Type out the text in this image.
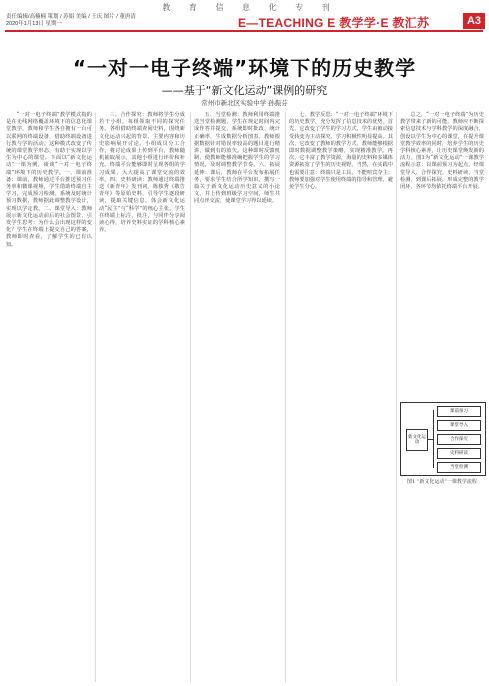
教 育 信 息 化 专 刊
责任编辑/高楠楠 策划 / 苏娟 美编 / 王庆 图片 / 董唐清
2020年1月13日 星期一	E—TEACHING E 教学学·E 教汇苏	A3
“一对一电子终端”环境下的历史教学
——基于“新文化运动”课例的研究
常州市新北区实验中学 孙振芬

“一对一电子终端”教学模式指的是在无线网络覆盖环境下的信息化课堂教学，教师和学生各自拥有一台可以联网的终端设备，借助终端设备进行教与学的活动。这种模式改变了传统的课堂教学形态，有助于实现以学生为中心的课堂。下面以“新文化运动”一课为例，谈谈“一对一电子终端”环境下的历史教学。一、课前准备：课前，教师通过平台推送预习任务单和微课视频，学生借助终端自主学习，完成预习检测。系统及时统计预习数据，教师据此调整教学设计，实现以学定教。二、课堂导入：教师展示新文化运动前后的社会图景，引发学生思考：为什么会出现这样的变化？学生在终端上提交自己的答案，教师即时查看，了解学生的已有认知。

三、合作探究：教师将学生分成若干小组，每组领取不同的探究任务。各组借助终端查阅史料，围绕新文化运动兴起的背景、主要内容和历史影响展开讨论。小组成员分工合作，将讨论成果上传到平台，教师随机抽取展示，其他小组进行评价和补充。终端平台能够即时呈现各组的学习成果，大大提高了课堂交流的效率。四、史料研读：教师通过终端推送《新青年》发刊词、陈独秀《敬告青年》等原始史料，引导学生逐段研读，提取关键信息，体会新文化运动“民主”与“科学”的核心主张。学生在终端上标注、批注，与同伴分享阅读心得，培养史料实证的学科核心素养。

五、当堂检测：教师利用终端推送当堂检测题，学生在规定时间内完成作答并提交。系统即时批改、统计正确率，生成数据分析图表。教师根据数据针对错误率较高的题目进行精讲，做到有的放矢。这种即时反馈机制，使教师能够准确把握学生的学习情况，及时调整教学节奏。六、拓展延伸：课后，教师在平台发布拓展任务，要求学生结合所学知识，撰写一篇关于新文化运动历史意义的小论文，并上传到班级学习空间，师生共同点评交流，使课堂学习得以延续。

七、教学反思：“一对一电子终端”环境下的历史教学，充分发挥了信息技术的优势。首先，它改变了学生的学习方式，学生由被动接受转变为主动探究，学习积极性明显提高。其次，它改变了教师的教学方式，教师能够根据即时数据调整教学策略，实现精准教学。再次，它丰富了教学资源，海量的史料和多媒体资源拓宽了学生的历史视野。当然，在实践中也需要注意：终端只是工具，不能喧宾夺主；教师要加强对学生使用终端的指导和管理，避免学生分心。

总之，“一对一电子终端”为历史教学带来了新的可能。教师应不断探索信息技术与学科教学的深度融合，创设以学生为中心的课堂，在提升课堂教学效率的同时，培养学生的历史学科核心素养，让历史课堂焕发新的活力。图1为“新文化运动”一课教学流程示意：以课前预习为起点，经课堂导入、合作探究、史料研读、当堂检测，到课后拓展，形成完整的教学闭环，各环节均依托终端平台开展。

新文化运动
课前预习
课堂导入
合作探究
史料研读
当堂检测
图1 “新文化运动”一课教学流程
